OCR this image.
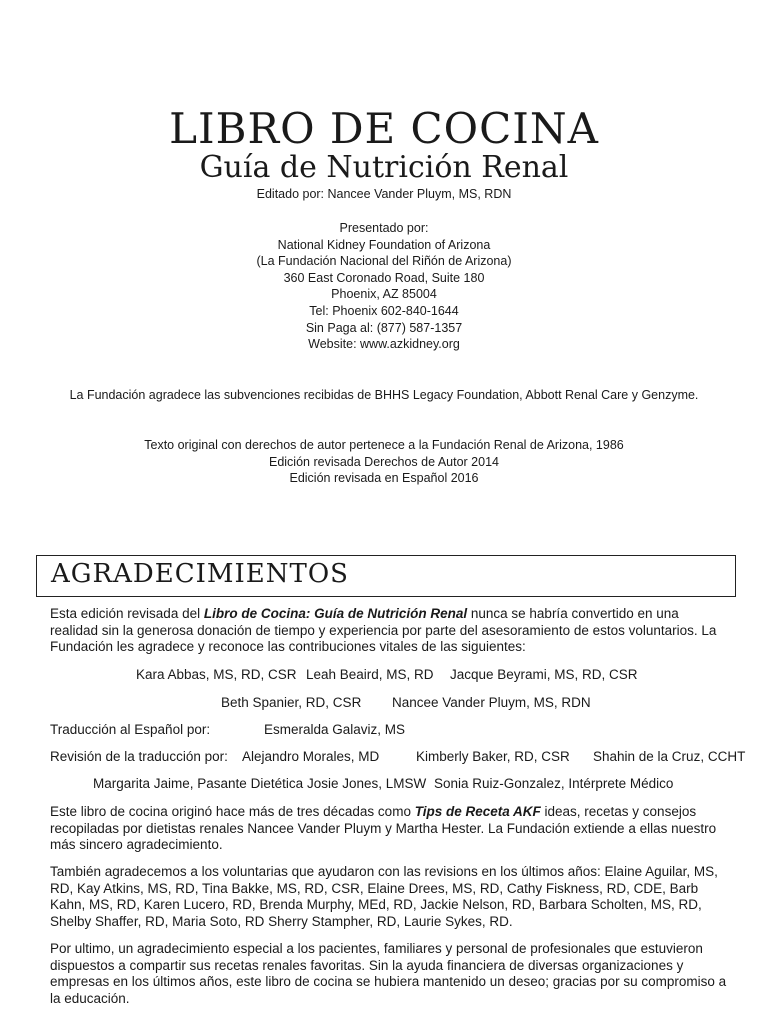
LIBRO DE COCINA
Guía de Nutrición Renal
Editado por: Nancee Vander Pluym, MS, RDN
Presentado por:
National Kidney Foundation of Arizona
(La Fundación Nacional del Riñón de Arizona)
360 East Coronado Road, Suite 180
Phoenix, AZ 85004
Tel: Phoenix 602-840-1644
Sin Paga al: (877) 587-1357
Website: www.azkidney.org
La Fundación agradece las subvenciones recibidas de BHHS Legacy Foundation, Abbott Renal Care y Genzyme.
Texto original con derechos de autor pertenece a la Fundación Renal de Arizona, 1986
Edición revisada Derechos de Autor 2014
Edición revisada en Español 2016
AGRADECIMIENTOS
Esta edición revisada del Libro de Cocina: Guía de Nutrición Renal nunca se habría convertido en una realidad sin la generosa donación de tiempo y experiencia por parte del asesoramiento de estos voluntarios. La Fundación les agradece y reconoce las contribuciones vitales de las siguientes:
Kara Abbas, MS, RD, CSR Leah Beaird, MS, RD Jacque Beyrami, MS, RD, CSR
Beth Spanier, RD, CSR Nancee Vander Pluym, MS, RDN
Traducción al Español por:	Esmeralda Galaviz, MS
Revisión de la traducción por: Alejandro Morales, MD	Kimberly Baker, RD, CSR Shahin de la Cruz, CCHT
Margarita Jaime, Pasante Dietética Josie Jones, LMSW Sonia Ruiz-Gonzalez, Intérprete Médico
Este libro de cocina originó hace más de tres décadas como Tips de Receta AKF ideas, recetas y consejos recopiladas por dietistas renales Nancee Vander Pluym y Martha Hester. La Fundación extiende a ellas nuestro más sincero agradecimiento.
También agradecemos a los voluntarias que ayudaron con las revisions en los últimos años: Elaine Aguilar, MS, RD, Kay Atkins, MS, RD, Tina Bakke, MS, RD, CSR, Elaine Drees, MS, RD, Cathy Fiskness, RD, CDE, Barb Kahn, MS, RD, Karen Lucero, RD, Brenda Murphy, MEd, RD, Jackie Nelson, RD, Barbara Scholten, MS, RD, Shelby Shaffer, RD, Maria Soto, RD Sherry Stampher, RD, Laurie Sykes, RD.
Por ultimo, un agradecimiento especial a los pacientes, familiares y personal de profesionales que estuvieron dispuestos a compartir sus recetas renales favoritas. Sin la ayuda financiera de diversas organizaciones y empresas en los últimos años, este libro de cocina se hubiera mantenido un deseo; gracias por su compromiso a la educación.
